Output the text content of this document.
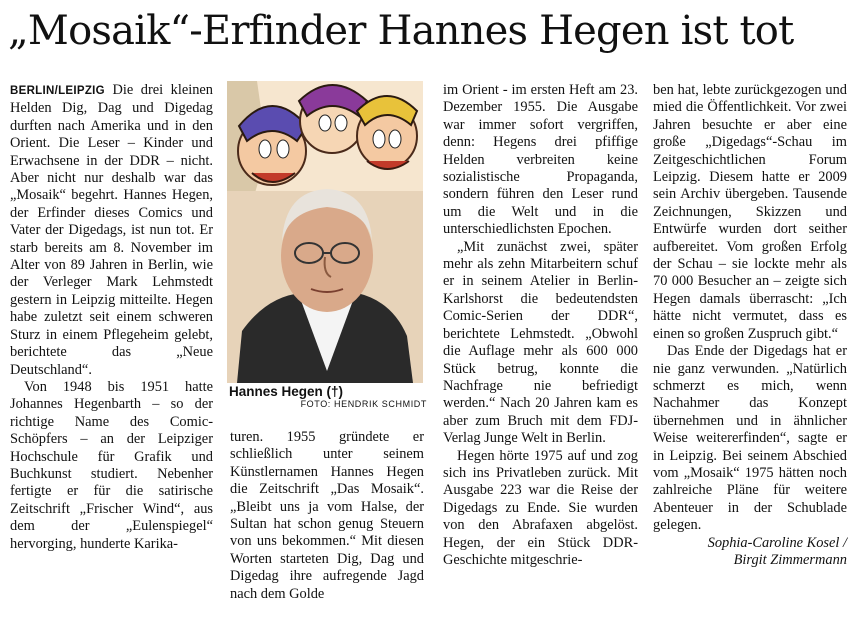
„Mosaik“-Erfinder Hannes Hegen ist tot

BERLIN/LEIPZIG Die drei kleinen Helden Dig, Dag und Digedag durften nach Amerika und in den Orient. Die Leser – Kinder und Erwachsene in der DDR – nicht. Aber nicht nur deshalb war das „Mosaik“ begehrt. Hannes Hegen, der Erfinder dieses Comics und Vater der Digedags, ist nun tot. Er starb bereits am 8. November im Alter von 89 Jahren in Berlin, wie der Verleger Mark Lehmstedt gestern in Leipzig mitteilte. Hegen habe zuletzt seit einem schweren Sturz in einem Pflegeheim gelebt, berichtete das „Neue Deutschland“.

Von 1948 bis 1951 hatte Johannes Hegenbarth – so der richtige Name des Comic-Schöpfers – an der Leipziger Hochschule für Grafik und Buchkunst studiert. Nebenher fertigte er für die satirische Zeitschrift „Frischer Wind“, aus dem der „Eulenspiegel“ hervorging, hunderte Karika-

Hannes Hegen (†)
FOTO: HENDRIK SCHMIDT

turen. 1955 gründete er schließlich unter seinem Künstlernamen Hannes Hegen die Zeitschrift „Das Mosaik“. „Bleibt uns ja vom Halse, der Sultan hat schon genug Steuern von uns bekommen.“ Mit diesen Worten starteten Dig, Dag und Digedag ihre aufregende Jagd nach dem Golde

im Orient - im ersten Heft am 23. Dezember 1955. Die Ausgabe war immer sofort vergriffen, denn: Hegens drei pfiffige Helden verbreiten keine sozialistische Propaganda, sondern führen den Leser rund um die Welt und in die unterschiedlichsten Epochen.

„Mit zunächst zwei, später mehr als zehn Mitarbeitern schuf er in seinem Atelier in Berlin-Karlshorst die bedeutendsten Comic-Serien der DDR“, berichtete Lehmstedt. „Obwohl die Auflage mehr als 600 000 Stück betrug, konnte die Nachfrage nie befriedigt werden.“ Nach 20 Jahren kam es aber zum Bruch mit dem FDJ-Verlag Junge Welt in Berlin.

Hegen hörte 1975 auf und zog sich ins Privatleben zurück. Mit Ausgabe 223 war die Reise der Digedags zu Ende. Sie wurden von den Abrafaxen abgelöst. Hegen, der ein Stück DDR-Geschichte mitgeschrie-

ben hat, lebte zurückgezogen und mied die Öffentlichkeit. Vor zwei Jahren besuchte er aber eine große „Digedags“-Schau im Zeitgeschichtlichen Forum Leipzig. Diesem hatte er 2009 sein Archiv übergeben. Tausende Zeichnungen, Skizzen und Entwürfe wurden dort seither aufbereitet. Vom großen Erfolg der Schau – sie lockte mehr als 70 000 Besucher an – zeigte sich Hegen damals überrascht: „Ich hätte nicht vermutet, dass es einen so großen Zuspruch gibt.“

Das Ende der Digedags hat er nie ganz verwunden. „Natürlich schmerzt es mich, wenn Nachahmer das Konzept übernehmen und in ähnlicher Weise weitererfinden“, sagte er in Leipzig. Bei seinem Abschied vom „Mosaik“ 1975 hätten noch zahlreiche Pläne für weitere Abenteuer in der Schublade gelegen.

Sophia-Caroline Kosel /

Birgit Zimmermann
